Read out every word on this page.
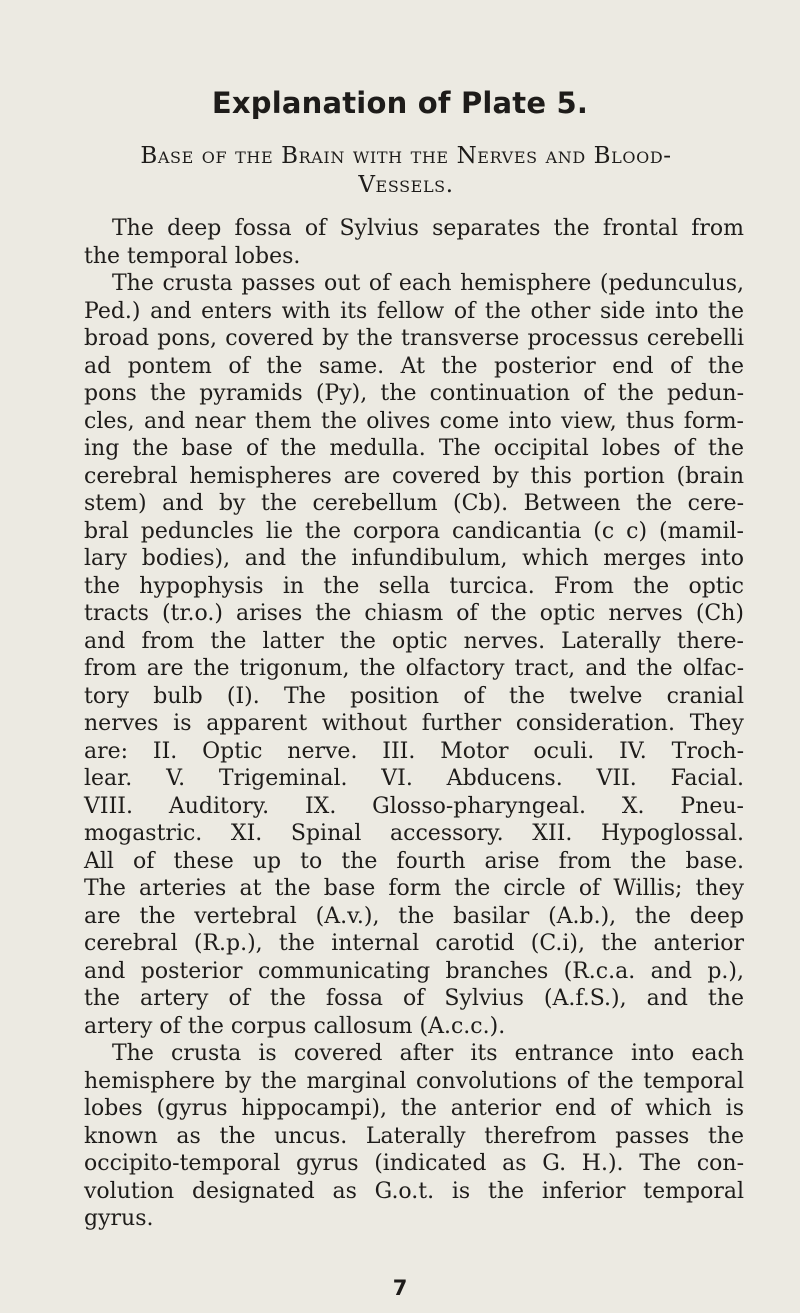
Explanation of Plate 5.
Base of the Brain with the Nerves and Blood-
Vessels.
The deep fossa of Sylvius separates the frontal from
the temporal lobes.
The crusta passes out of each hemisphere (pedunculus,
Ped.) and enters with its fellow of the other side into the
broad pons, covered by the transverse processus cerebelli
ad pontem of the same. At the posterior end of the
pons the pyramids (Py), the continuation of the pedun-
cles, and near them the olives come into view, thus form-
ing the base of the medulla. The occipital lobes of the
cerebral hemispheres are covered by this portion (brain
stem) and by the cerebellum (Cb). Between the cere-
bral peduncles lie the corpora candicantia (c c) (mamil-
lary bodies), and the infundibulum, which merges into
the hypophysis in the sella turcica. From the optic
tracts (tr.o.) arises the chiasm of the optic nerves (Ch)
and from the latter the optic nerves. Laterally there-
from are the trigonum, the olfactory tract, and the olfac-
tory bulb (I). The position of the twelve cranial
nerves is apparent without further consideration. They
are: II. Optic nerve. III. Motor oculi. IV. Troch-
lear. V. Trigeminal. VI. Abducens. VII. Facial.
VIII. Auditory. IX. Glosso-pharyngeal. X. Pneu-
mogastric. XI. Spinal accessory. XII. Hypoglossal.
All of these up to the fourth arise from the base.
The arteries at the base form the circle of Willis; they
are the vertebral (A.v.), the basilar (A.b.), the deep
cerebral (R.p.), the internal carotid (C.i), the anterior
and posterior communicating branches (R.c.a. and p.),
the artery of the fossa of Sylvius (A.f.S.), and the
artery of the corpus callosum (A.c.c.).
The crusta is covered after its entrance into each
hemisphere by the marginal convolutions of the temporal
lobes (gyrus hippocampi), the anterior end of which is
known as the uncus. Laterally therefrom passes the
occipito-temporal gyrus (indicated as G. H.). The con-
volution designated as G.o.t. is the inferior temporal
gyrus.
7
